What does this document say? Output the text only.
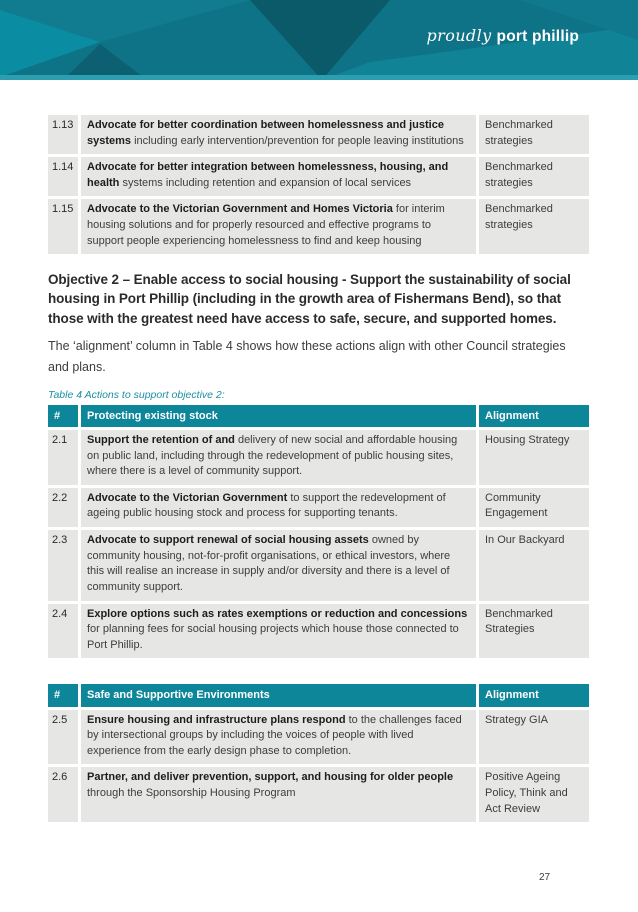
proudly port phillip
1.13	Advocate for better coordination between homelessness and justice systems including early intervention/prevention for people leaving institutions	Benchmarked strategies
1.14	Advocate for better integration between homelessness, housing, and health systems including retention and expansion of local services	Benchmarked strategies
1.15	Advocate to the Victorian Government and Homes Victoria for interim housing solutions and for properly resourced and effective programs to support people experiencing homelessness to find and keep housing	Benchmarked strategies
Objective 2 – Enable access to social housing - Support the sustainability of social housing in Port Phillip (including in the growth area of Fishermans Bend), so that those with the greatest need have access to safe, secure, and supported homes.

The ‘alignment’ column in Table 4 shows how these actions align with other Council strategies and plans.

Table 4 Actions to support objective 2:

#	Protecting existing stock	Alignment
2.1	Support the retention of and delivery of new social and affordable housing on public land, including through the redevelopment of public housing sites, where there is a level of community support.	Housing Strategy
2.2	Advocate to the Victorian Government to support the redevelopment of ageing public housing stock and process for supporting tenants.	Community Engagement
2.3	Advocate to support renewal of social housing assets owned by community housing, not-for-profit organisations, or ethical investors, where this will realise an increase in supply and/or diversity and there is a level of community support.	In Our Backyard
2.4	Explore options such as rates exemptions or reduction and concessions for planning fees for social housing projects which house those connected to Port Phillip.	Benchmarked Strategies
#	Safe and Supportive Environments	Alignment
2.5	Ensure housing and infrastructure plans respond to the challenges faced by intersectional groups by including the voices of people with lived experience from the early design phase to completion.	Strategy GIA
2.6	Partner, and deliver prevention, support, and housing for older people through the Sponsorship Housing Program	Positive Ageing Policy, Think and Act Review
27
